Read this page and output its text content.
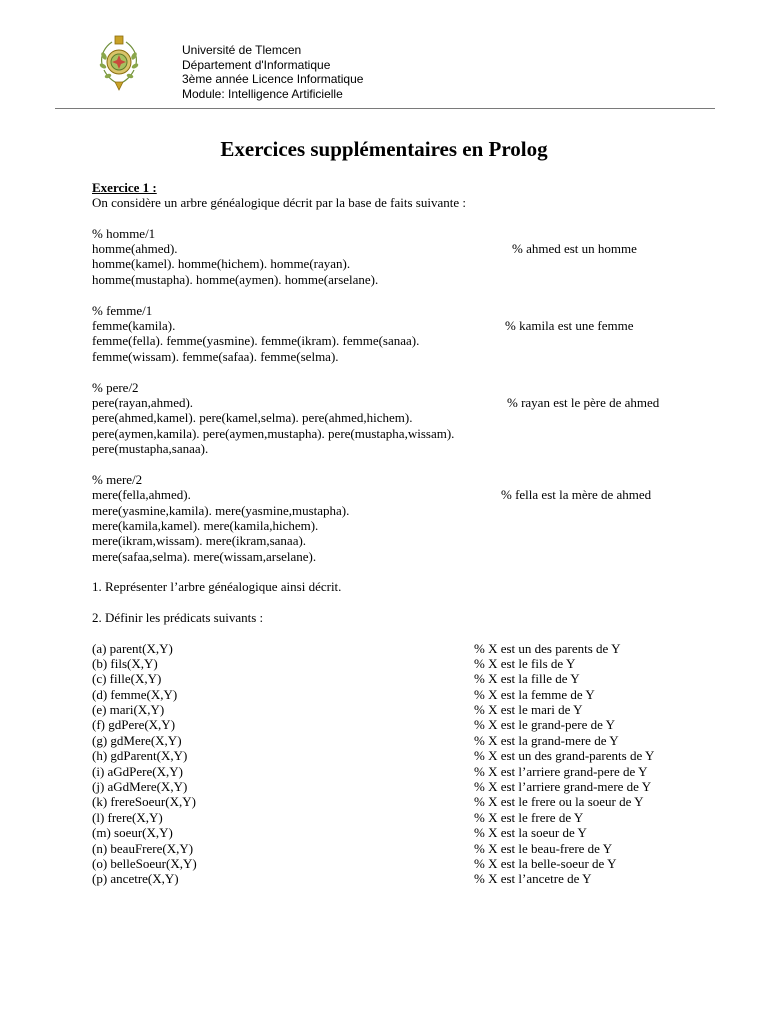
Université de Tlemcen
Département d'Informatique
3ème année Licence Informatique
Module: Intelligence Artificielle
Exercices supplémentaires en Prolog
Exercice 1 :
On considère un arbre généalogique décrit par la base de faits suivante :
% homme/1
homme(ahmed).	% ahmed est un homme
homme(kamel). homme(hichem). homme(rayan).
homme(mustapha). homme(aymen). homme(arselane).
% femme/1
femme(kamila).	% kamila est une femme
femme(fella). femme(yasmine). femme(ikram). femme(sanaa).
femme(wissam). femme(safaa). femme(selma).
% pere/2
pere(rayan,ahmed).	% rayan est le père de ahmed
pere(ahmed,kamel). pere(kamel,selma). pere(ahmed,hichem).
pere(aymen,kamila). pere(aymen,mustapha). pere(mustapha,wissam).
pere(mustapha,sanaa).
% mere/2
mere(fella,ahmed).	% fella est la mère de ahmed
mere(yasmine,kamila). mere(yasmine,mustapha).
mere(kamila,kamel). mere(kamila,hichem).
mere(ikram,wissam). mere(ikram,sanaa).
mere(safaa,selma). mere(wissam,arselane).
1. Représenter l’arbre généalogique ainsi décrit.
2. Définir les prédicats suivants :
(a) parent(X,Y)	% X est un des parents de Y
(b) fils(X,Y)	% X est le fils de Y
(c) fille(X,Y)	% X est la fille de Y
(d) femme(X,Y)	% X est la femme de Y
(e) mari(X,Y)	% X est le mari de Y
(f) gdPere(X,Y)	% X est le grand-pere de Y
(g) gdMere(X,Y)	% X est la grand-mere de Y
(h) gdParent(X,Y)	% X est un des grand-parents de Y
(i) aGdPere(X,Y)	% X est l’arriere grand-pere de Y
(j) aGdMere(X,Y)	% X est l’arriere grand-mere de Y
(k) frereSoeur(X,Y)	% X est le frere ou la soeur de Y
(l) frere(X,Y)	% X est le frere de Y
(m) soeur(X,Y)	% X est la soeur de Y
(n) beauFrere(X,Y)	% X est le beau-frere de Y
(o) belleSoeur(X,Y)	% X est la belle-soeur de Y
(p) ancetre(X,Y)	% X est l’ancetre de Y
